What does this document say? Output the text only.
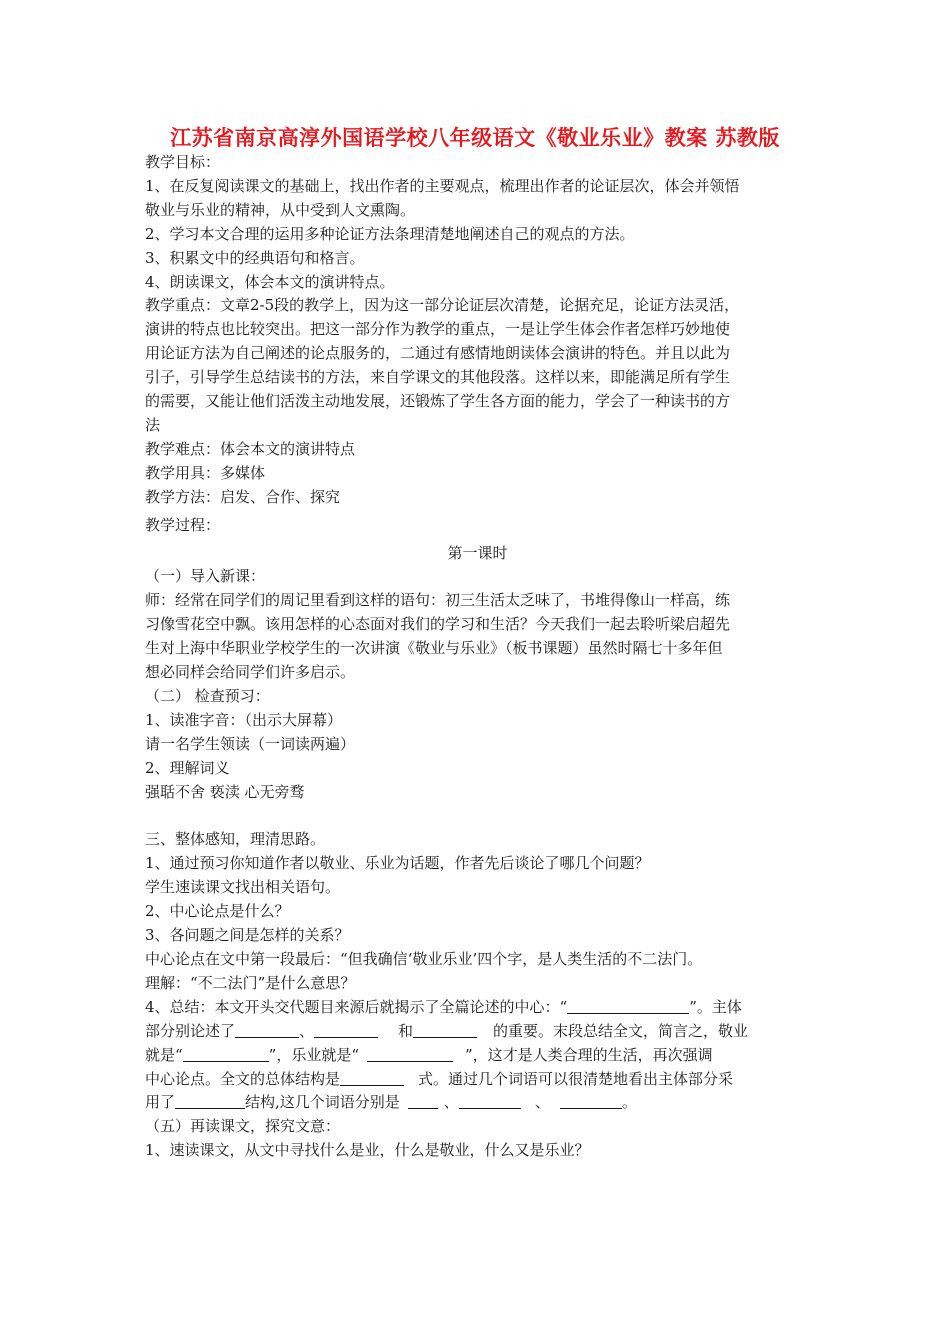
江苏省南京高淳外国语学校八年级语文《敬业乐业》教案 苏教版

教学目标：

1、在反复阅读课文的基础上，找出作者的主要观点，梳理出作者的论证层次，体会并领悟

敬业与乐业的精神，从中受到人文熏陶。

2、学习本文合理的运用多种论证方法条理清楚地阐述自己的观点的方法。

3、积累文中的经典语句和格言。

4、朗读课文，体会本文的演讲特点。

教学重点：文章2-5段的教学上，因为这一部分论证层次清楚，论据充足，论证方法灵活，

演讲的特点也比较突出。把这一部分作为教学的重点，一是让学生体会作者怎样巧妙地使

用论证方法为自己阐述的论点服务的，二通过有感情地朗读体会演讲的特色。并且以此为

引子，引导学生总结读书的方法，来自学课文的其他段落。这样以来，即能满足所有学生

的需要，又能让他们活泼主动地发展，还锻炼了学生各方面的能力，学会了一种读书的方

法

教学难点：体会本文的演讲特点

教学用具：多媒体

教学方法：启发、合作、探究

教学过程：

第一课时

（一）导入新课：

师：经常在同学们的周记里看到这样的语句：初三生活太乏味了，书堆得像山一样高，练

习像雪花空中飘。该用怎样的心态面对我们的学习和生活？今天我们一起去聆听梁启超先

生对上海中华职业学校学生的一次讲演《敬业与乐业》（板书课题）虽然时隔七十多年但

想必同样会给同学们许多启示。

（二） 检查预习：

1、读准字音：（出示大屏幕）

请一名学生领读（一词读两遍）

2、理解词义

强聒不舍 亵渎 心无旁骛

三、整体感知，理清思路。

1、通过预习你知道作者以敬业、乐业为话题，作者先后谈论了哪几个问题？

学生速读课文找出相关语句。

2、中心论点是什么？

3、各问题之间是怎样的关系？

中心论点在文中第一段最后：“但我确信‘敬业乐业’四个字，是人类生活的不二法门。

理解：“不二法门”是什么意思？

4、总结：本文开头交代题目来源后就揭示了全篇论述的中心：“	”。主体

部分别论述了	、	和	的重要。末段总结全文，简言之，敬业

就是“	”，乐业就是“	”，这才是人类合理的生活，再次强调

中心论点。全文的总体结构是	式。通过几个词语可以很清楚地看出主体部分采

用了	结构,这几个词语分别是	、	、	。

（五）再读课文，探究文意：

1、速读课文，从文中寻找什么是业，什么是敬业，什么又是乐业？
